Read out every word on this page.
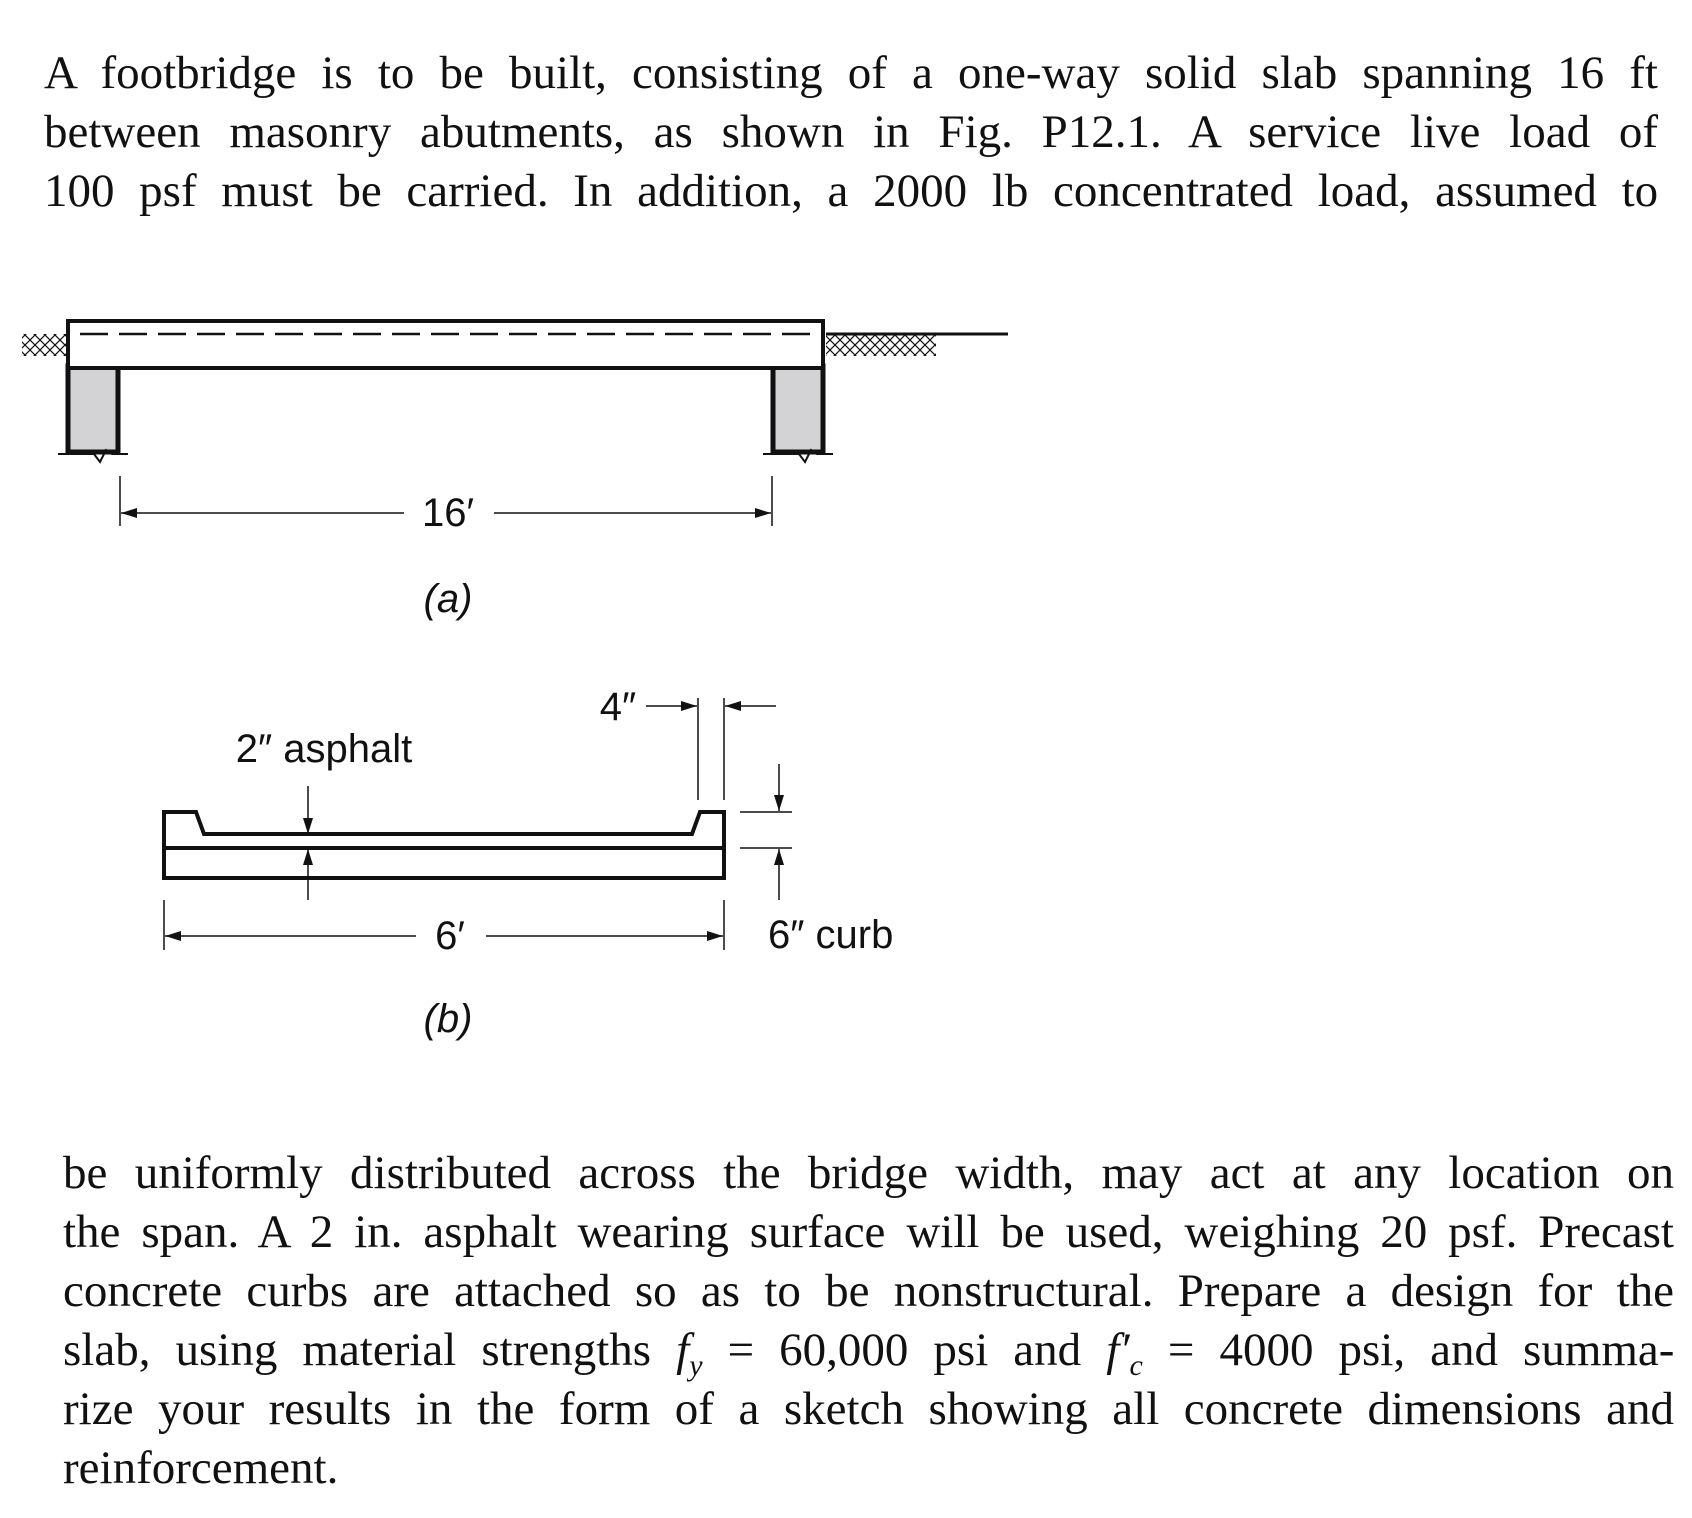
A footbridge is to be built, consisting of a one-way solid slab spanning 16 ft
between masonry abutments, as shown in Fig. P12.1. A service live load of
100 psf must be carried. In addition, a 2000 lb concentrated load, assumed to
16′
(a)
2″ asphalt
4″
6″ curb
6′
(b)
be uniformly distributed across the bridge width, may act at any location on
the span. A 2 in. asphalt wearing surface will be used, weighing 20 psf. Precast
concrete curbs are attached so as to be nonstructural. Prepare a design for the
slab, using material strengths $f_y = 60,000$ psi and $f'_c = 4000$ psi, and summa-
rize your results in the form of a sketch showing all concrete dimensions and
reinforcement.
